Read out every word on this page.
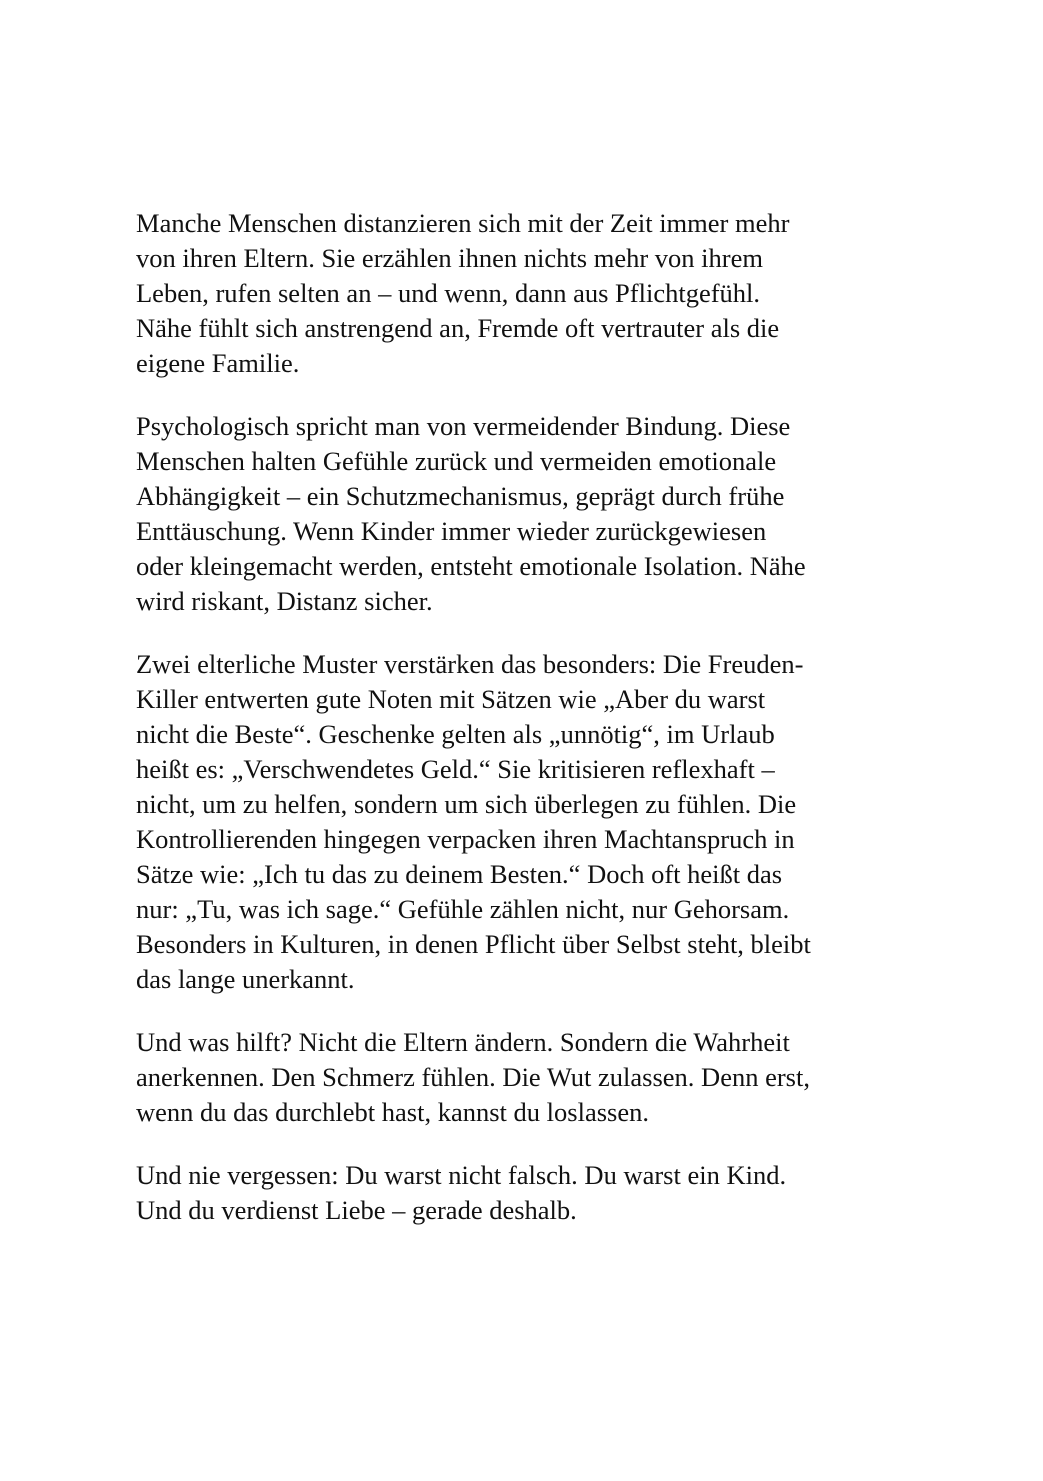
Manche Menschen distanzieren sich mit der Zeit immer mehr
von ihren Eltern. Sie erzählen ihnen nichts mehr von ihrem
Leben, rufen selten an – und wenn, dann aus Pflichtgefühl.
Nähe fühlt sich anstrengend an, Fremde oft vertrauter als die
eigene Familie.

Psychologisch spricht man von vermeidender Bindung. Diese
Menschen halten Gefühle zurück und vermeiden emotionale
Abhängigkeit – ein Schutzmechanismus, geprägt durch frühe
Enttäuschung. Wenn Kinder immer wieder zurückgewiesen
oder kleingemacht werden, entsteht emotionale Isolation. Nähe
wird riskant, Distanz sicher.

Zwei elterliche Muster verstärken das besonders: Die Freuden-
Killer entwerten gute Noten mit Sätzen wie „Aber du warst
nicht die Beste“. Geschenke gelten als „unnötig“, im Urlaub
heißt es: „Verschwendetes Geld.“ Sie kritisieren reflexhaft –
nicht, um zu helfen, sondern um sich überlegen zu fühlen. Die
Kontrollierenden hingegen verpacken ihren Machtanspruch in
Sätze wie: „Ich tu das zu deinem Besten.“ Doch oft heißt das
nur: „Tu, was ich sage.“ Gefühle zählen nicht, nur Gehorsam.
Besonders in Kulturen, in denen Pflicht über Selbst steht, bleibt
das lange unerkannt.

Und was hilft? Nicht die Eltern ändern. Sondern die Wahrheit
anerkennen. Den Schmerz fühlen. Die Wut zulassen. Denn erst,
wenn du das durchlebt hast, kannst du loslassen.

Und nie vergessen: Du warst nicht falsch. Du warst ein Kind.
Und du verdienst Liebe – gerade deshalb.
